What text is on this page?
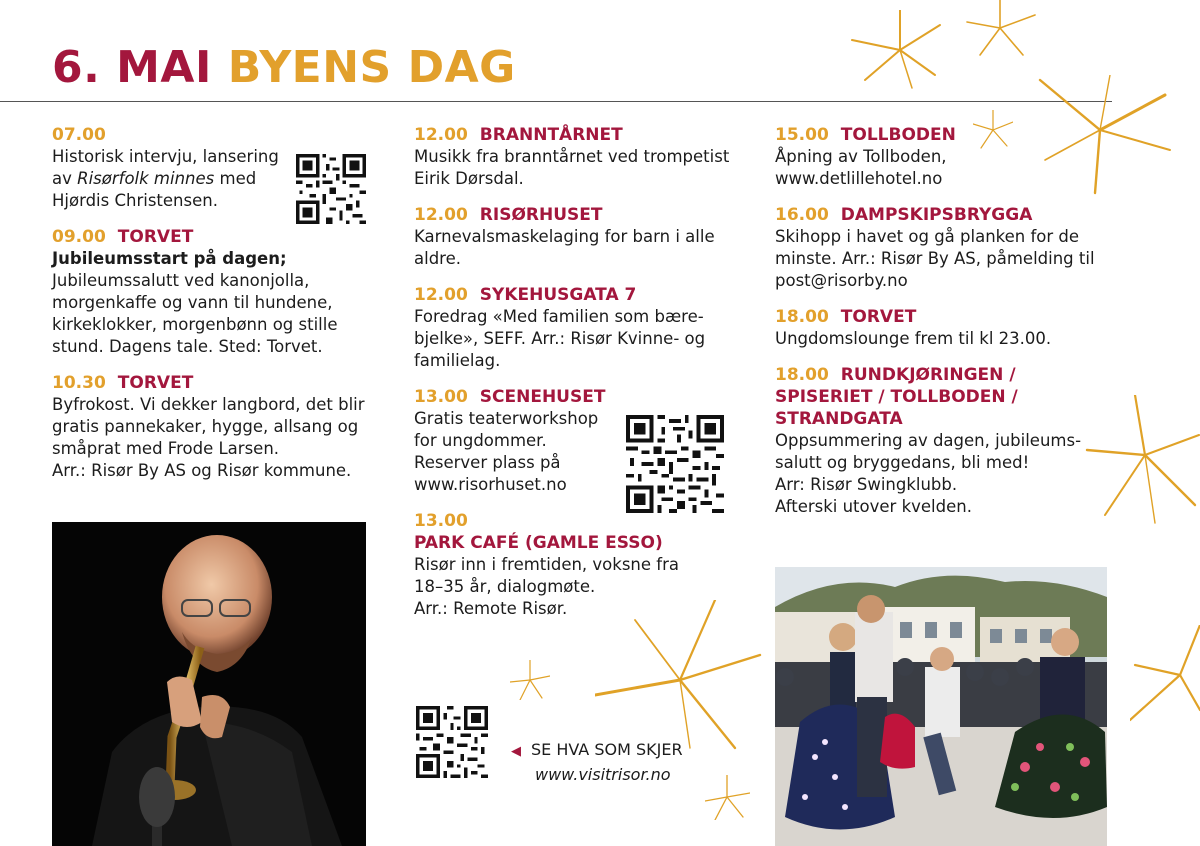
6. MAI BYENS DAG
07.00
Historisk intervju, lansering
av Risørfolk minnes med
Hjørdis Christensen.
09.00 TORVET
Jubileumsstart på dagen;
Jubileumssalutt ved kanonjolla, morgenkaffe og vann til hundene, kirkeklokker, morgenbønn og stille stund. Dagens tale. Sted: Torvet.
10.30 TORVET
Byfrokost. Vi dekker langbord, det blir gratis pannekaker, hygge, allsang og småprat med Frode Larsen.
Arr.: Risør By AS og Risør kommune.
12.00 BRANNTÅRNET
Musikk fra branntårnet ved trompetist Eirik Dørsdal.
12.00 RISØRHUSET
Karnevalsmaskelaging for barn i alle aldre.
12.00 SYKEHUSGATA 7
Foredrag «Med familien som bære-bjelke», SEFF. Arr.: Risør Kvinne- og familielag.
13.00 SCENEHUSET
Gratis teaterworkshop
for ungdommer.
Reserver plass på
www.risorhuset.no
13.00
PARK CAFÉ (GAMLE ESSO)
Risør inn i fremtiden, voksne fra 18–35 år, dialogmøte.
Arr.: Remote Risør.
15.00 TOLLBODEN
Åpning av Tollboden,
www.detlillehotel.no
16.00 DAMPSKIPSBRYGGA
Skihopp i havet og gå planken for de minste. Arr.: Risør By AS, påmelding til post@risorby.no
18.00 TORVET
Ungdomslounge frem til kl 23.00.
18.00 RUNDKJØRINGEN / SPISERIET / TOLLBODEN / STRANDGATA
Oppsummering av dagen, jubileums-salutt og bryggedans, bli med!
Arr: Risør Swingklubb.
Afterski utover kvelden.
◀ SE HVA SOM SKJER
www.visitrisor.no
